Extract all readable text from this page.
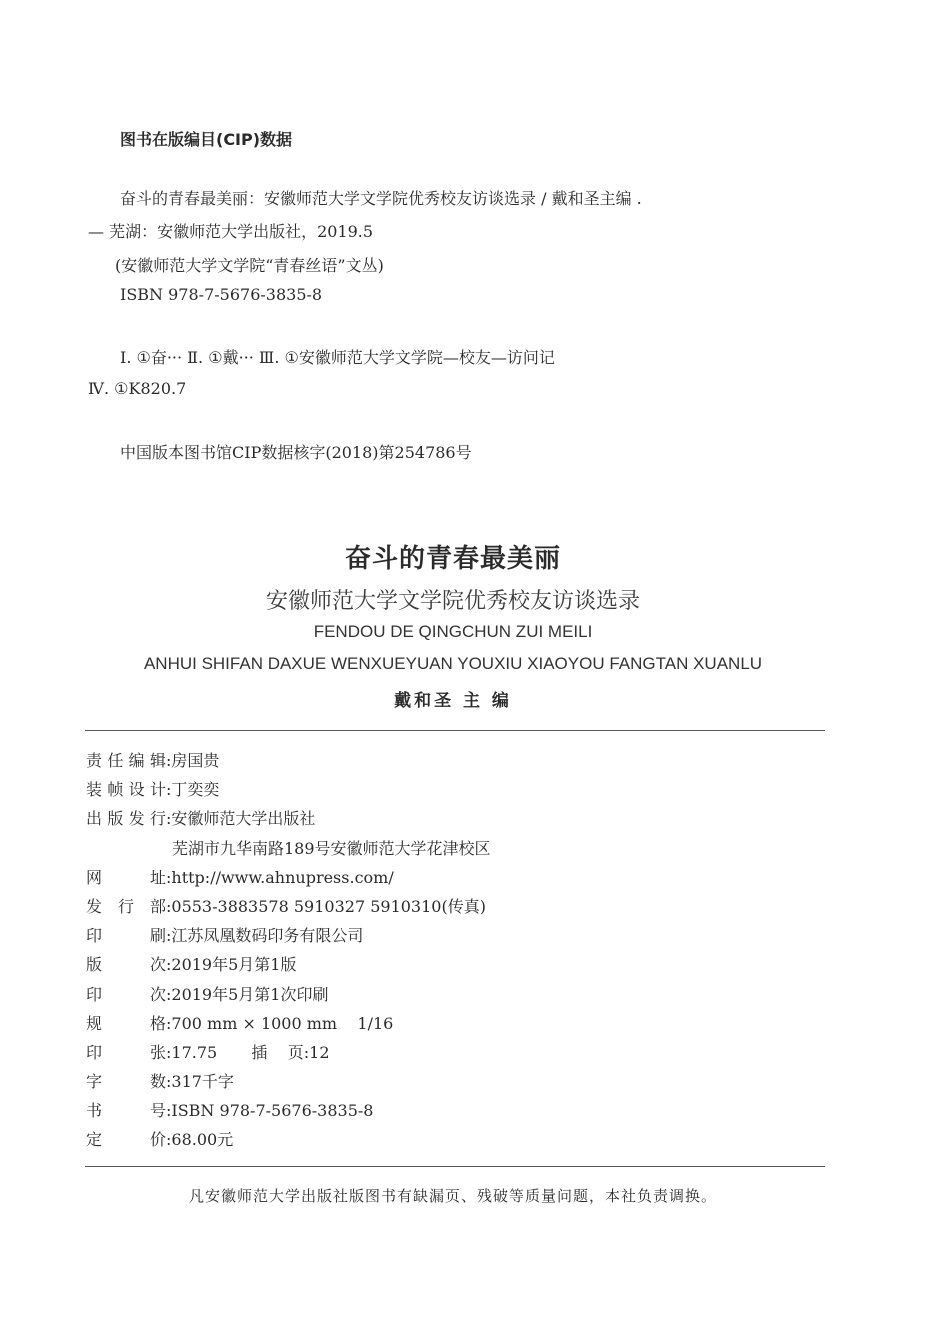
图书在版编目(CIP)数据
奋斗的青春最美丽：安徽师范大学文学院优秀校友访谈选录 / 戴和圣主编 .
— 芜湖：安徽师范大学出版社，2019.5
(安徽师范大学文学院“青春丝语”文丛)
ISBN 978-7-5676-3835-8
Ⅰ. ①奋··· Ⅱ. ①戴··· Ⅲ. ①安徽师范大学文学院—校友—访问记
Ⅳ. ①K820.7
中国版本图书馆CIP数据核字(2018)第254786号
奋斗的青春最美丽
安徽师范大学文学院优秀校友访谈选录
FENDOU DE QINGCHUN ZUI MEILI
ANHUI SHIFAN DAXUE WENXUEYUAN YOUXIU XIAOYOU FANGTAN XUANLU
戴和圣 主 编
责任编辑 : 房国贵
装帧设计 : 丁奕奕
出版发行 : 安徽师范大学出版社
芜湖市九华南路189号安徽师范大学花津校区
网 址 : http://www.ahnupress.com/
发 行 部 : 0553-3883578 5910327 5910310(传真)
印 刷 : 江苏凤凰数码印务有限公司
版 次 : 2019年5月第1版
印 次 : 2019年5月第1次印刷
规 格 : 700 mm × 1000 mm    1/16
印 张 : 17.75	插    页 : 12
字 数 : 317千字
书 号 : ISBN 978-7-5676-3835-8
定 价 : 68.00元
凡安徽师范大学出版社版图书有缺漏页、残破等质量问题，本社负责调换。
